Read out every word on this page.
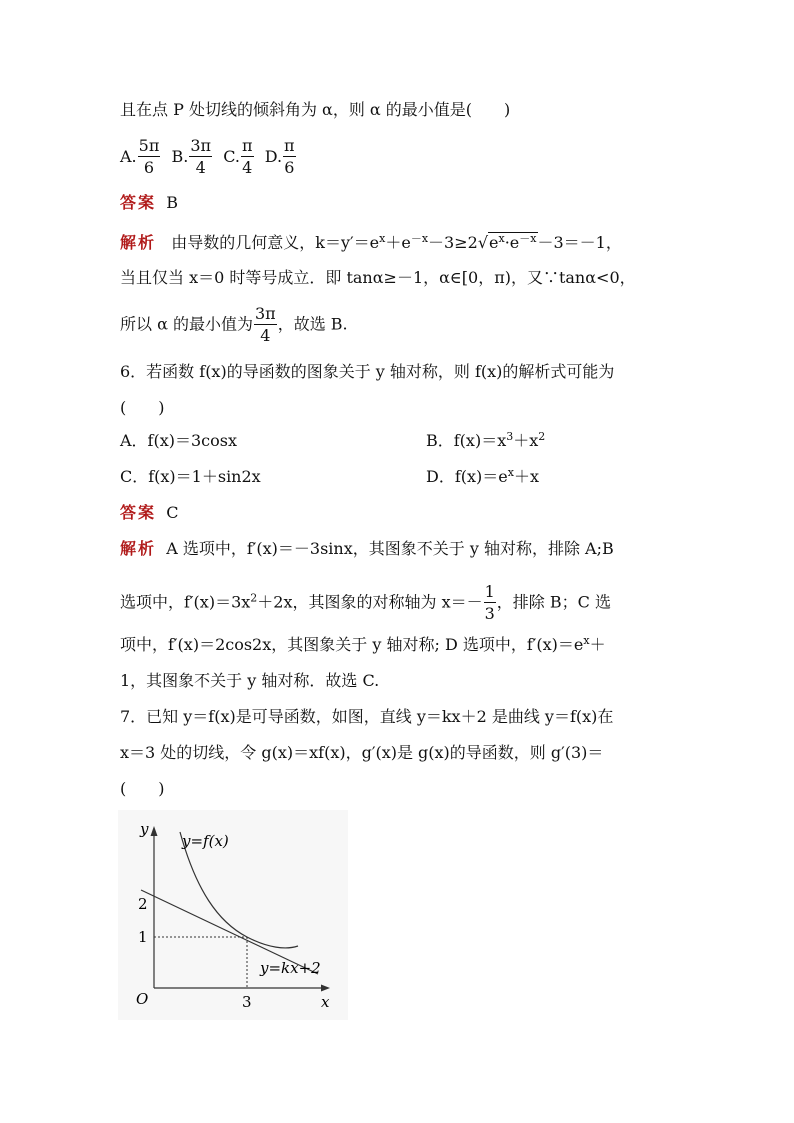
且在点 P 处切线的倾斜角为 α，则 α 的最小值是(　　)
A. $\frac{5\pi}{6} B$. $\frac{3\pi}{4} C$. $\frac{\pi}{4} D$. $\frac{\pi}{6}$
答案 B
解析 由导数的几何意义，$k=y'=e^x+e^{-x}-3\ge 2√e^x\cdot e^{-x}-3=-1$，
当且仅当 x＝0 时等号成立．即 tanα≥－1，α∈[0，π)，又∵tanα<0，
所以 α 的最小值为 $\frac{3\pi}{4}$ ，故选 B.
6．若函数 f(x)的导函数的图象关于 y 轴对称，则 f(x)的解析式可能为
(　　)
A．f(x)＝3cosx	B．$f(x)=x^3+x^2$
C．f(x)＝1＋sin2x	D．$f(x)=e^x+x$
答案 C
解析 A 选项中，f′(x)＝－3sinx，其图象不关于 y 轴对称，排除 A;B
选项中，$f'(x)=3x^2+2x$，其图象的对称轴为 $x=- \frac{1}{3}$ ，排除 B；C 选
项中，f′(x)＝2cos2x，其图象关于 y 轴对称; D 选项中，$f'(x)=e^x+$
1，其图象不关于 y 轴对称．故选 C.
7．已知 y＝f(x)是可导函数，如图，直线 y＝kx＋2 是曲线 y＝f(x)在
x＝3 处的切线，令 g(x)＝xf(x)，g′(x)是 g(x)的导函数，则 g′(3)＝
(　　)
y
x
O
y=f(x)
y=kx+2
2
1
3
